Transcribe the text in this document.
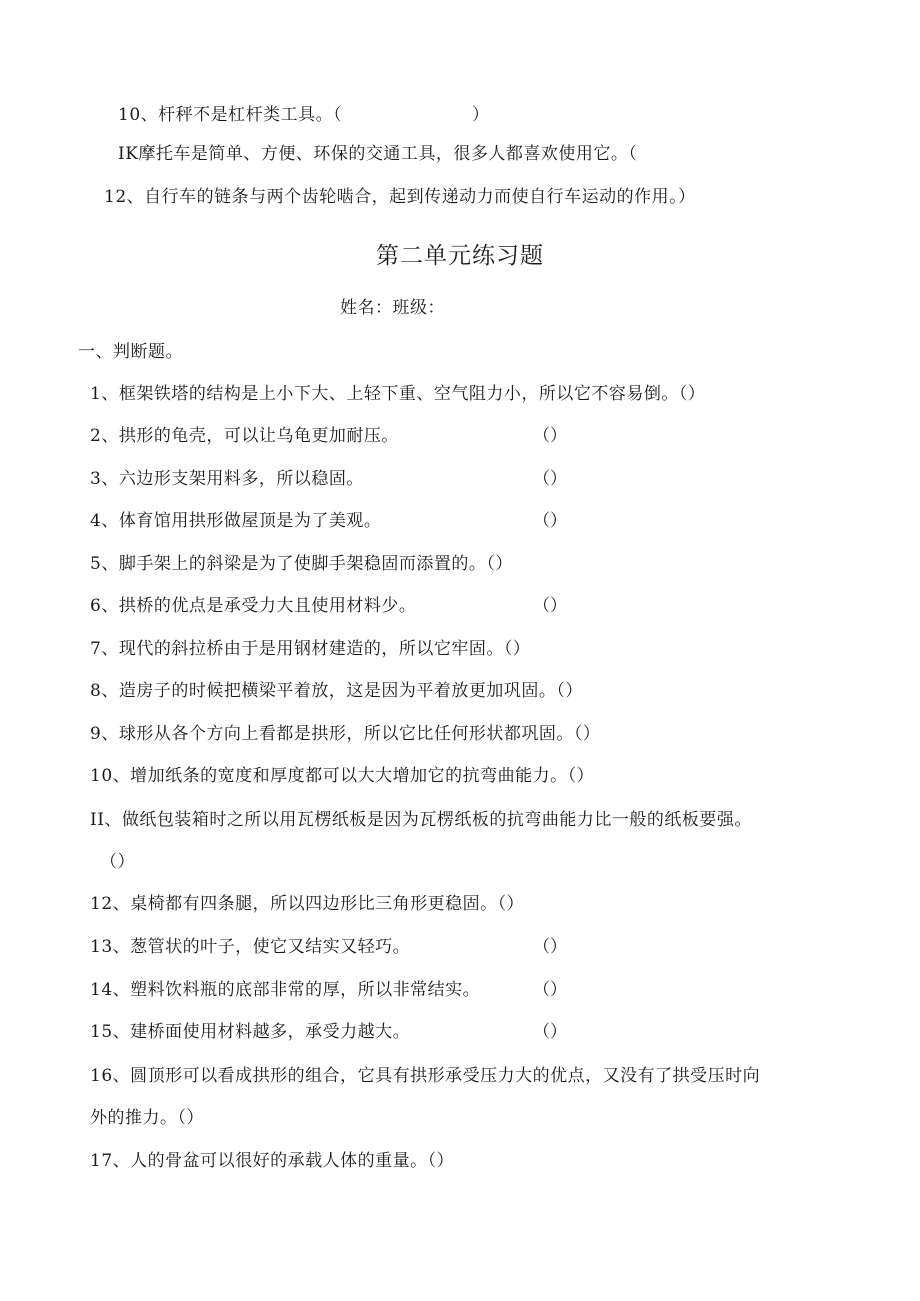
10、杆秤不是杠杆类工具。（	）
IK摩托车是简单、方便、环保的交通工具，很多人都喜欢使用它。（
12、自行车的链条与两个齿轮啮合，起到传递动力而使自行车运动的作用。）
第二单元练习题
姓名：班级：
一、判断题。
1、框架铁塔的结构是上小下大、上轻下重、空气阻力小，所以它不容易倒。（）
2、拱形的龟壳，可以让乌龟更加耐压。	（）
3、六边形支架用料多，所以稳固。	（）
4、体育馆用拱形做屋顶是为了美观。	（）
5、脚手架上的斜梁是为了使脚手架稳固而添置的。（）
6、拱桥的优点是承受力大且使用材料少。	（）
7、现代的斜拉桥由于是用钢材建造的，所以它牢固。（）
8、造房子的时候把横梁平着放，这是因为平着放更加巩固。（）
9、球形从各个方向上看都是拱形，所以它比任何形状都巩固。（）
10、增加纸条的宽度和厚度都可以大大增加它的抗弯曲能力。（）
II、做纸包装箱时之所以用瓦楞纸板是因为瓦楞纸板的抗弯曲能力比一般的纸板要强。
（）
12、桌椅都有四条腿，所以四边形比三角形更稳固。（）
13、葱管状的叶子，使它又结实又轻巧。	（）
14、塑料饮料瓶的底部非常的厚，所以非常结实。	（）
15、建桥面使用材料越多，承受力越大。	（）
16、圆顶形可以看成拱形的组合，它具有拱形承受压力大的优点，又没有了拱受压时向
外的推力。（）
17、人的骨盆可以很好的承载人体的重量。（）
